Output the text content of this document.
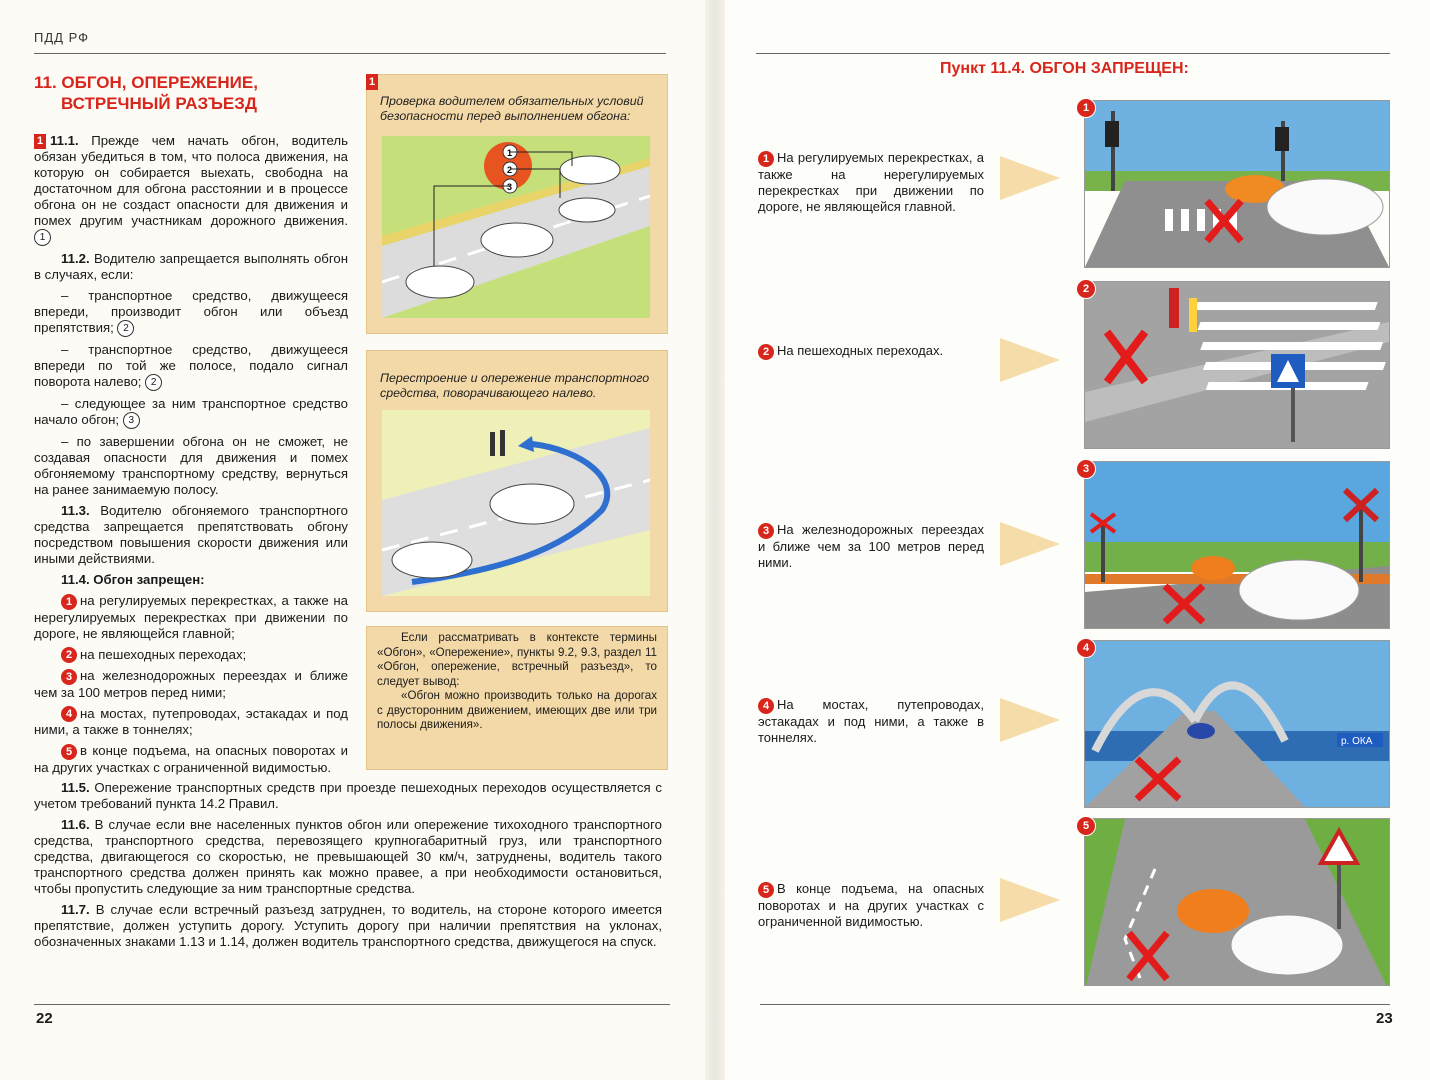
ПДД РФ
11. ОБГОН, ОПЕРЕЖЕНИЕ,
ВСТРЕЧНЫЙ РАЗЪЕЗД

1 11.1. Прежде чем начать обгон, водитель обязан убедиться в том, что полоса движения, на которую он собирается выехать, свободна на достаточном для обгона расстоянии и в процессе обгона он не создаст опасности для движения и помех другим участникам дорожного движения. 1

11.2. Водителю запрещается выполнять обгон в случаях, если:

– транспортное средство, движущееся впереди, производит обгон или объезд препятствия; 2

– транспортное средство, движущееся впереди по той же полосе, подало сигнал поворота налево; 2

– следующее за ним транспортное средство начало обгон; 3

– по завершении обгона он не сможет, не создавая опасности для движения и помех обгоняемому транспортному средству, вернуться на ранее занимаемую полосу.

11.3. Водителю обгоняемого транспортного средства запрещается препятствовать обгону посредством повышения скорости движения или иными действиями.

11.4. Обгон запрещен:

1 на регулируемых перекрестках, а также на нерегулируемых перекрестках при движении по дороге, не являющейся главной;

2 на пешеходных переходах;

3 на железнодорожных переездах и ближе чем за 100 метров перед ними;

4 на мостах, путепроводах, эстакадах и под ними, а также в тоннелях;

5 в конце подъема, на опасных поворотах и на других участках с ограниченной видимостью.

11.5. Опережение транспортных средств при проезде пешеходных переходов осуществляется с учетом требований пункта 14.2 Правил.

11.6. В случае если вне населенных пунктов обгон или опережение тихоходного транспортного средства, транспортного средства, перевозящего крупногабаритный груз, или транспортного средства, двигающегося со скоростью, не превышающей 30 км/ч, затруднены, водитель такого транспортного средства должен принять как можно правее, а при необходимости остановиться, чтобы пропустить следующие за ним транспортные средства.

11.7. В случае если встречный разъезд затруднен, то водитель, на стороне которого имеется препятствие, должен уступить дорогу. Уступить дорогу при наличии препятствия на уклонах, обозначенных знаками 1.13 и 1.14, должен водитель транспортного средства, движущегося на спуск.

1
Проверка водителем обязательных условий безопасности перед выполнением обгона:
1
2
3
Перестроение и опережение транспортного средства, поворачивающего налево.

Если рассматривать в контексте термины «Обгон», «Опережение», пункты 9.2, 9.3, раздел 11 «Обгон, опережение, встречный разъезд», то следует вывод:

«Обгон можно производить только на дорогах с двусторонним движением, имеющих две или три полосы движения».

22
Пункт 11.4. ОБГОН ЗАПРЕЩЕН:
1 На регулируемых перекрестках, а также на нерегулируемых перекрестках при движении по дороге, не являющейся главной.
1
2 На пешеходных переходах.
2
3 На железнодорожных переездах и ближе чем за 100 метров перед ними.
3
4 На мостах, путепроводах, эстакадах и под ними, а также в тоннелях.	р. ОКА
4
5 В конце подъема, на опасных поворотах и на других участках с ограниченной видимостью.
5
23
